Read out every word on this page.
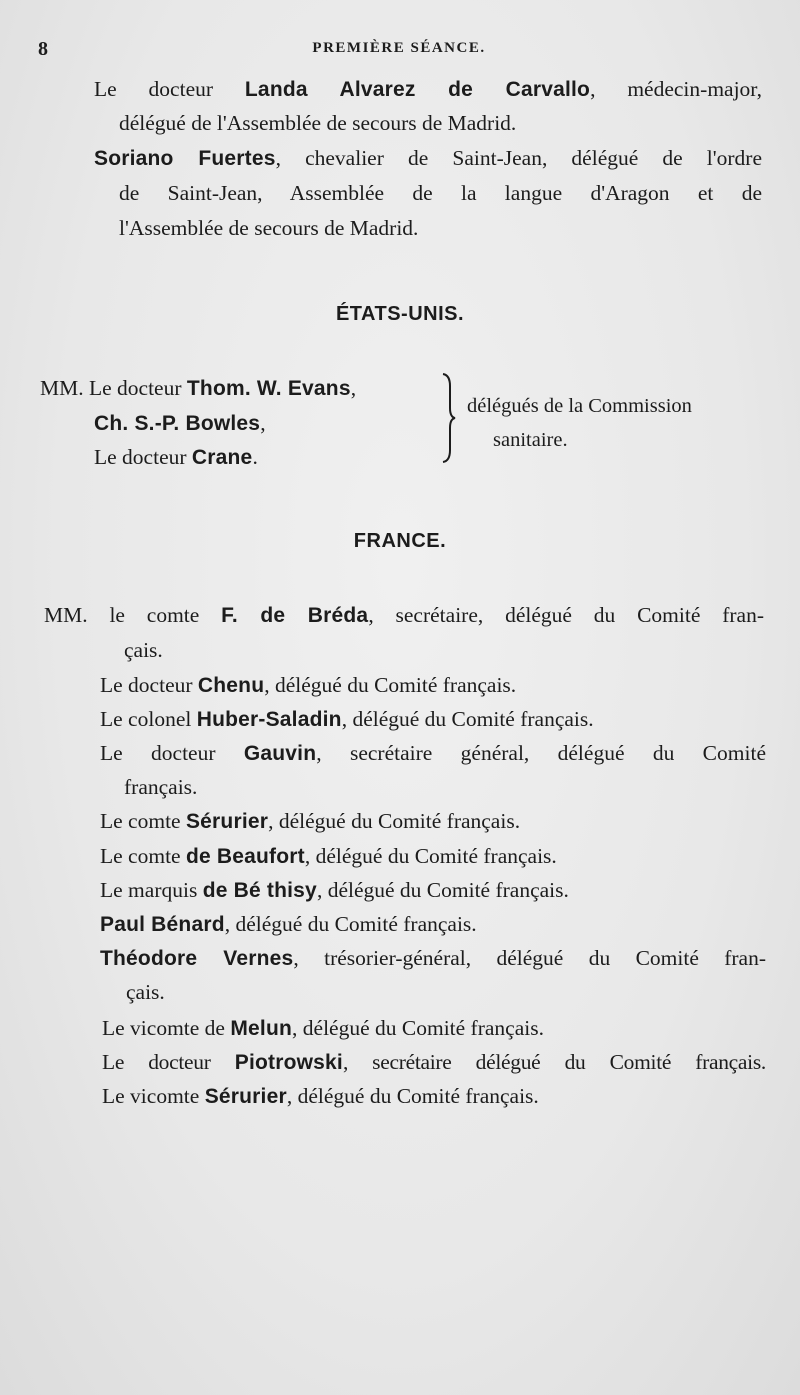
8	PREMIÈRE SÉANCE.
Le docteur Landa Alvarez de Carvallo, médecin-major,
délégué de l'Assemblée de secours de Madrid.
Soriano Fuertes, chevalier de Saint-Jean, délégué de l'ordre
de Saint-Jean, Assemblée de la langue d'Aragon et de
l'Assemblée de secours de Madrid.
ÉTATS-UNIS.
MM. Le docteur Thom. W. Evans,
Ch. S.-P. Bowles,
Le docteur Crane.
délégués de la Commission
sanitaire.
FRANCE.
MM. le comte F. de Bréda, secrétaire, délégué du Comité fran-
çais.
Le docteur Chenu, délégué du Comité français.
Le colonel Huber-Saladin, délégué du Comité français.
Le docteur Gauvin, secrétaire général, délégué du Comité
français.
Le comte Sérurier, délégué du Comité français.
Le comte de Beaufort, délégué du Comité français.
Le marquis de Bé thisy, délégué du Comité français.
Paul Bénard, délégué du Comité français.
Théodore Vernes, trésorier-général, délégué du Comité fran-
çais.
Le vicomte de Melun, délégué du Comité français.
Le docteur Piotrowski, secrétaire délégué du Comité français.
Le vicomte Sérurier, délégué du Comité français.
